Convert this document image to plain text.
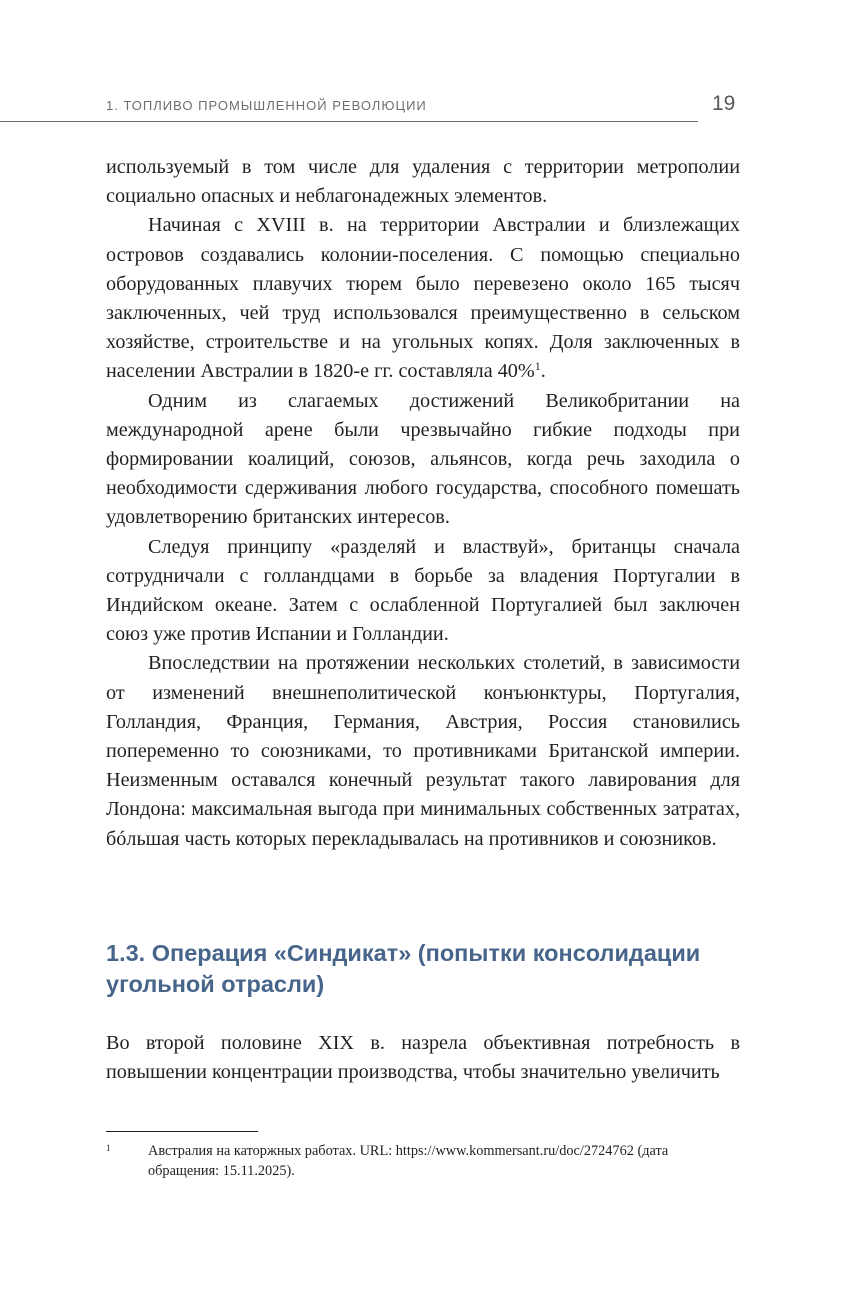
1. ТОПЛИВО ПРОМЫШЛЕННОЙ РЕВОЛЮЦИИ	19

используемый в том числе для удаления с территории метрополии социально опасных и неблагонадежных элементов.

Начиная с XVIII в. на территории Австралии и близлежащих островов создавались колонии-поселения. С помощью специально оборудованных плавучих тюрем было перевезено около 165 тысяч заключенных, чей труд использовался преимущественно в сельском хозяйстве, строительстве и на угольных копях. Доля заключенных в населении Австралии в 1820-е гг. составляла 40%$^1$.

Одним из слагаемых достижений Великобритании на международной арене были чрезвычайно гибкие подходы при формировании коалиций, союзов, альянсов, когда речь заходила о необходимости сдерживания любого государства, способного помешать удовлетворению британских интересов.

Следуя принципу «разделяй и властвуй», британцы сначала сотрудничали с голландцами в борьбе за владения Португалии в Индийском океане. Затем с ослабленной Португалией был заключен союз уже против Испании и Голландии.

Впоследствии на протяжении нескольких столетий, в зависимости от изменений внешнеполитической конъюнктуры, Португалия, Голландия, Франция, Германия, Австрия, Россия становились попеременно то союзниками, то противниками Британской империи. Неизменным оставался конечный результат такого лавирования для Лондона: максимальная выгода при минимальных собственных затратах, бóльшая часть которых перекладывалась на противников и союзников.

1.3. Операция «Синдикат» (попытки консолидации угольной отрасли)

Во второй половине XIX в. назрела объективная потребность в повышении концентрации производства, чтобы значительно увеличить

1	Австралия на каторжных работах. URL: https://www.kommersant.ru/doc/2724762 (дата обращения: 15.11.2025).
